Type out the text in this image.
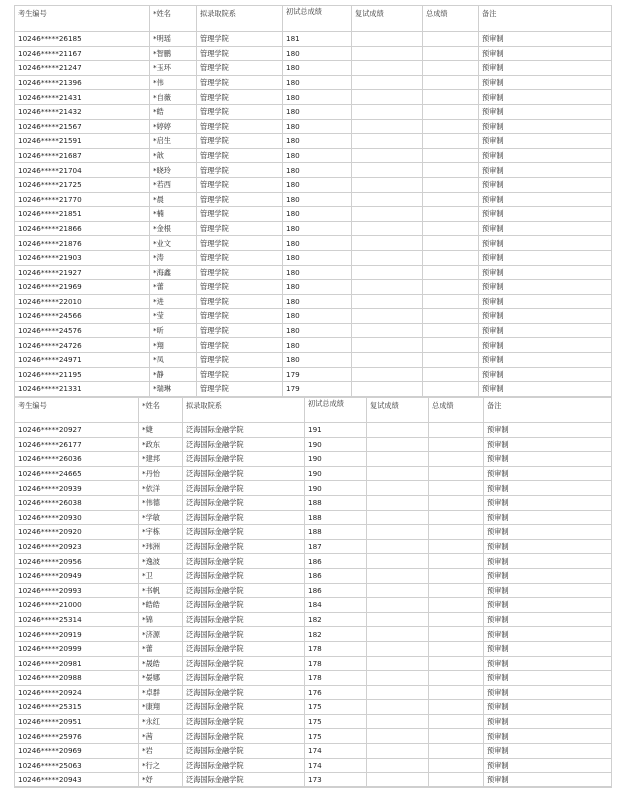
考生编号	*姓名	拟录取院系	初试总成绩	复试成绩	总成绩	备注
10246*****26185	*明瑶	管理学院	181			预审制
10246*****21167	*智鹏	管理学院	180			预审制
10246*****21247	*玉环	管理学院	180			预审制
10246*****21396	*伟	管理学院	180			预审制
10246*****21431	*自薇	管理学院	180			预审制
10246*****21432	*皓	管理学院	180			预审制
10246*****21567	*婷婷	管理学院	180			预审制
10246*****21591	*启生	管理学院	180			预审制
10246*****21687	*歆	管理学院	180			预审制
10246*****21704	*晓玲	管理学院	180			预审制
10246*****21725	*若西	管理学院	180			预审制
10246*****21770	*晨	管理学院	180			预审制
10246*****21851	*楠	管理学院	180			预审制
10246*****21866	*金根	管理学院	180			预审制
10246*****21876	*业文	管理学院	180			预审制
10246*****21903	*涛	管理学院	180			预审制
10246*****21927	*海鑫	管理学院	180			预审制
10246*****21969	*蕾	管理学院	180			预审制
10246*****22010	*进	管理学院	180			预审制
10246*****24566	*莹	管理学院	180			预审制
10246*****24576	*昕	管理学院	180			预审制
10246*****24726	*翔	管理学院	180			预审制
10246*****24971	*凤	管理学院	180			预审制
10246*****21195	*静	管理学院	179			预审制
10246*****21331	*瑞琳	管理学院	179			预审制
考生编号	*姓名	拟录取院系	初试总成绩	复试成绩	总成绩	备注
10246*****20927	*婕	泛海国际金融学院	191			预审制
10246*****26177	*政东	泛海国际金融学院	190			预审制
10246*****26036	*建邦	泛海国际金融学院	190			预审制
10246*****24665	*丹怡	泛海国际金融学院	190			预审制
10246*****20939	*依洋	泛海国际金融学院	190			预审制
10246*****26038	*伟德	泛海国际金融学院	188			预审制
10246*****20930	*学敏	泛海国际金融学院	188			预审制
10246*****20920	*宇栋	泛海国际金融学院	188			预审制
10246*****20923	*玮洲	泛海国际金融学院	187			预审制
10246*****20956	*逸波	泛海国际金融学院	186			预审制
10246*****20949	*卫	泛海国际金融学院	186			预审制
10246*****20993	*书帆	泛海国际金融学院	186			预审制
10246*****21000	*皓皓	泛海国际金融学院	184			预审制
10246*****25314	*锦	泛海国际金融学院	182			预审制
10246*****20919	*济源	泛海国际金融学院	182			预审制
10246*****20999	*蕾	泛海国际金融学院	178			预审制
10246*****20981	*晟皓	泛海国际金融学院	178			预审制
10246*****20988	*晏娜	泛海国际金融学院	178			预审制
10246*****20924	*卓群	泛海国际金融学院	176			预审制
10246*****25315	*康翔	泛海国际金融学院	175			预审制
10246*****20951	*永红	泛海国际金融学院	175			预审制
10246*****25976	*茜	泛海国际金融学院	175			预审制
10246*****20969	*岩	泛海国际金融学院	174			预审制
10246*****25063	*行之	泛海国际金融学院	174			预审制
10246*****20943	*妤	泛海国际金融学院	173			预审制
